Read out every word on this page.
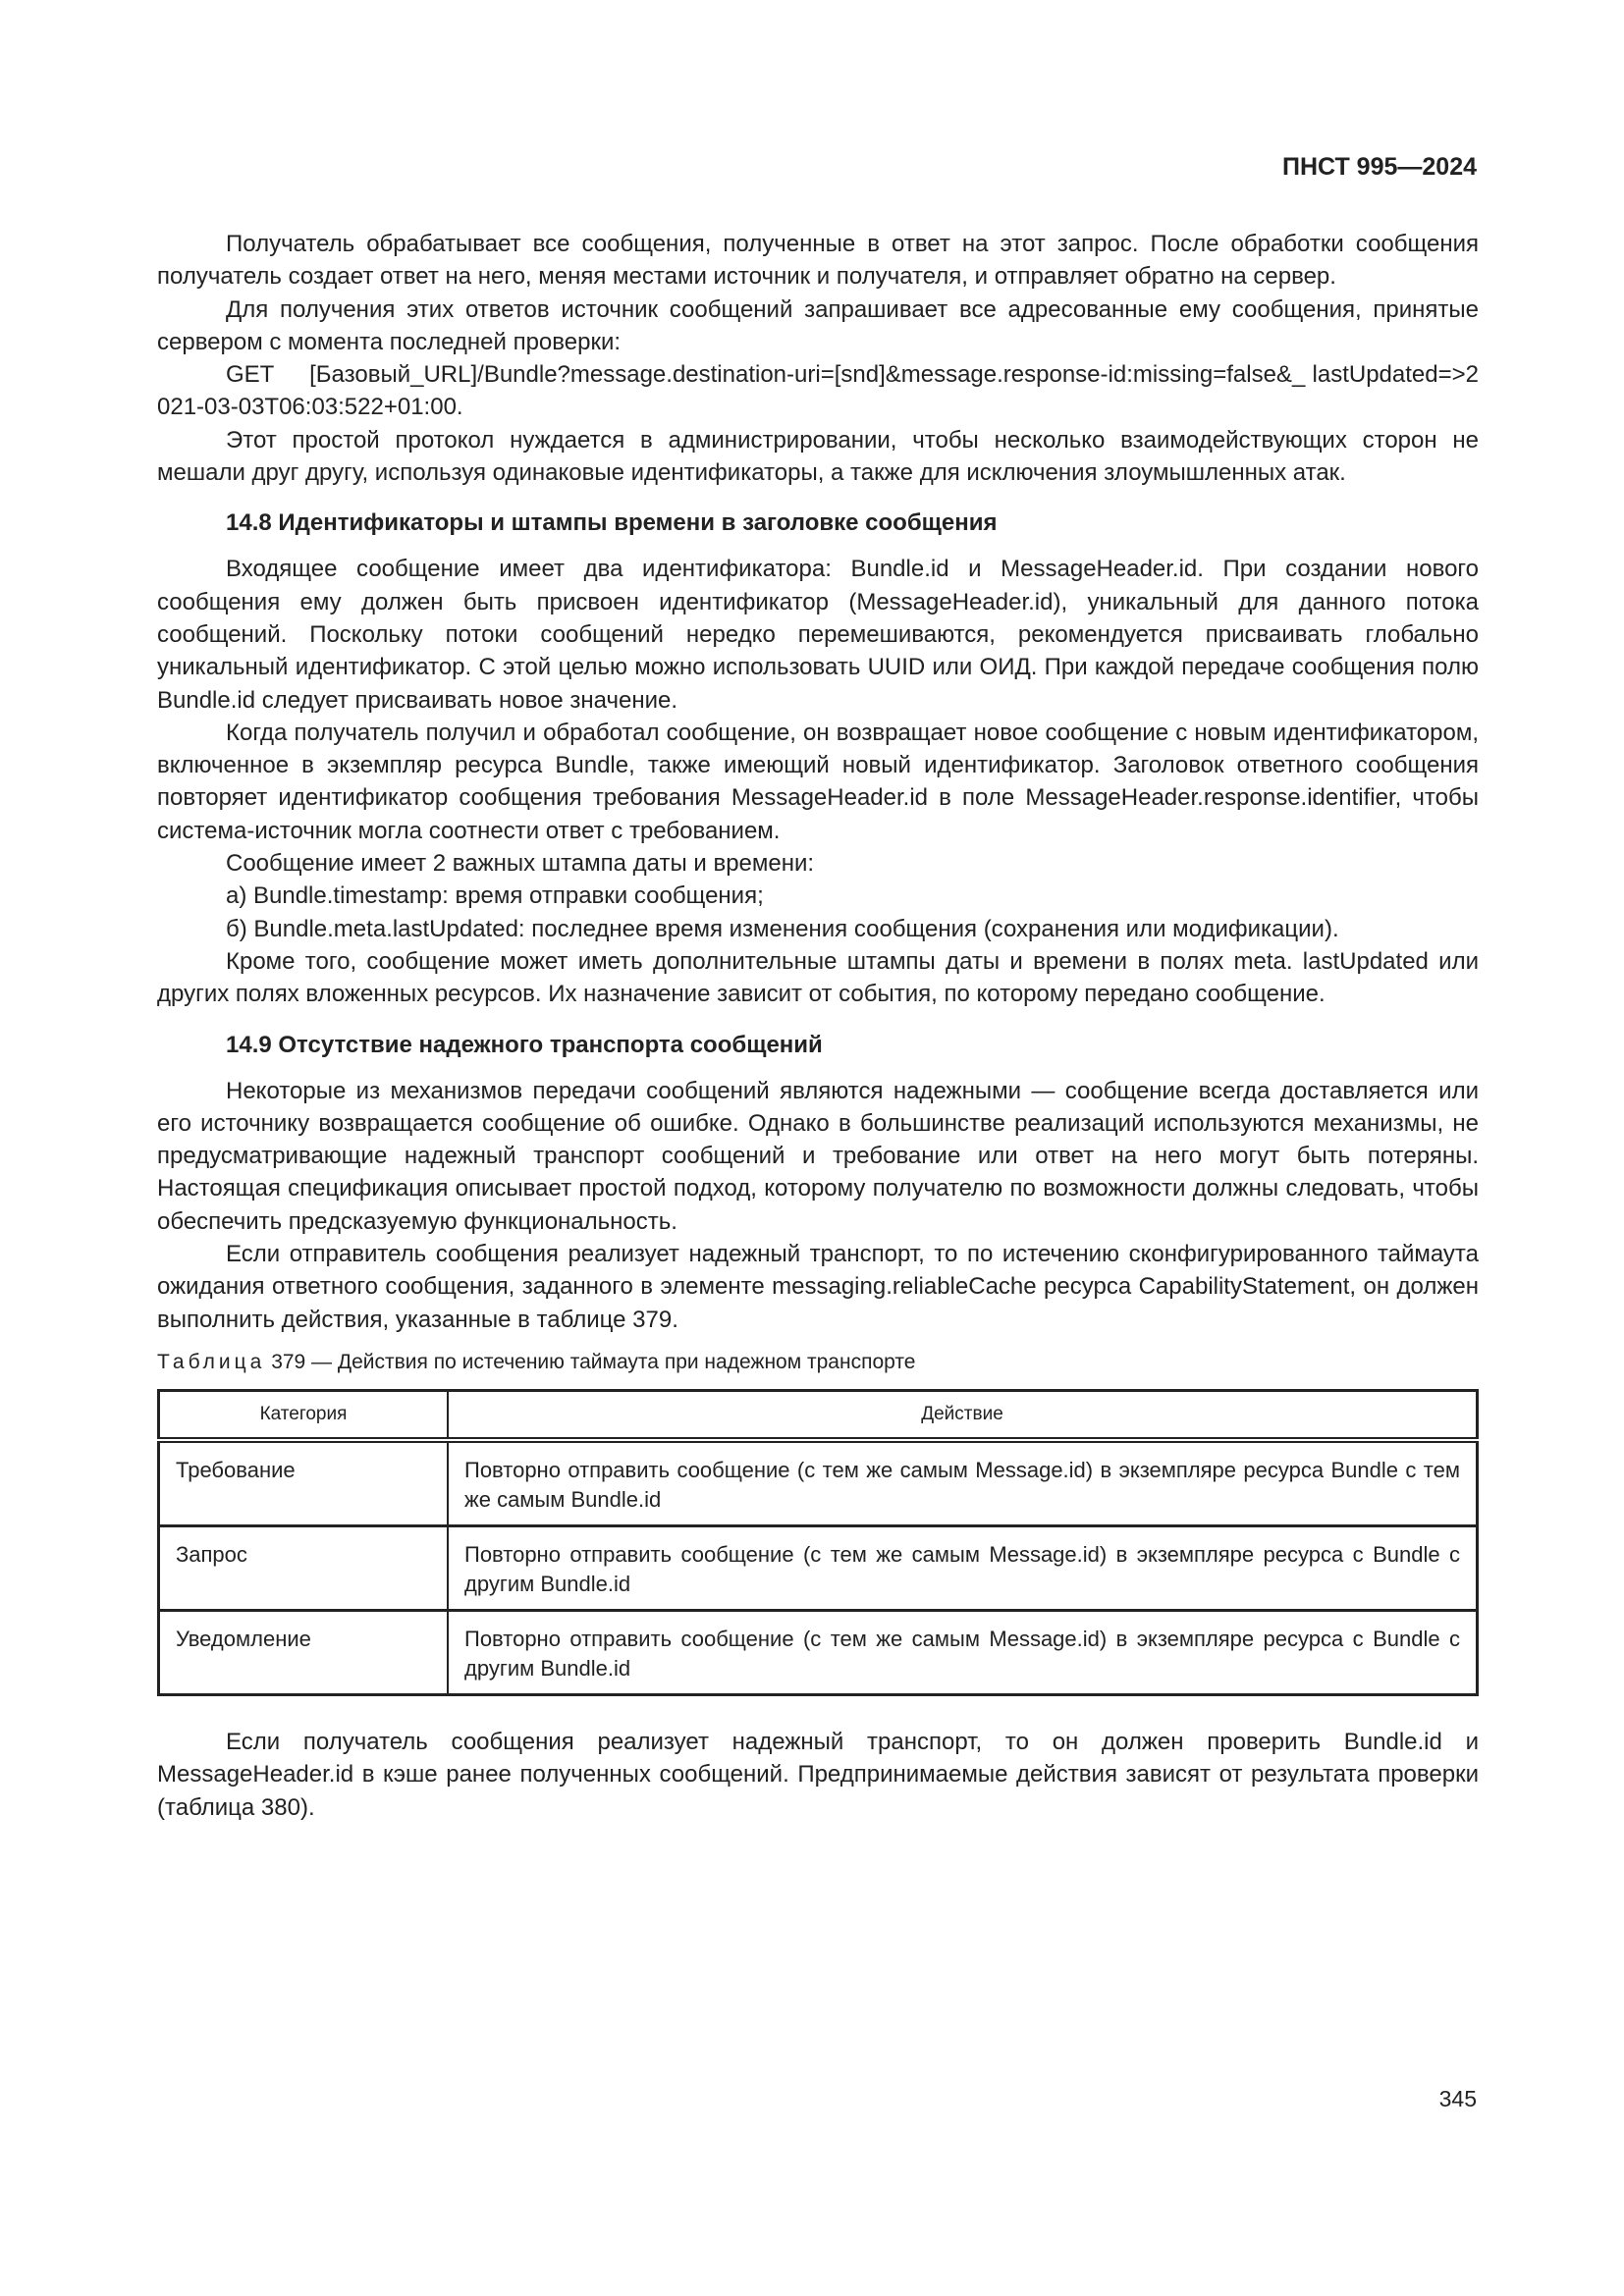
ПНСТ 995—2024

Получатель обрабатывает все сообщения, полученные в ответ на этот запрос. После обработки сообщения получатель создает ответ на него, меняя местами источник и получателя, и отправляет обратно на сервер.

Для получения этих ответов источник сообщений запрашивает все адресованные ему сообщения, принятые сервером с момента последней проверки:

GET     [Базовый_URL]/Bundle?message.destination-uri=[snd]&message.response-id:missing=false&_ lastUpdated=>2021-03-03T06:03:522+01:00.

Этот простой протокол нуждается в администрировании, чтобы несколько взаимодействующих сторон не мешали друг другу, используя одинаковые идентификаторы, а также для исключения злоумышленных атак.

14.8 Идентификаторы и штампы времени в заголовке сообщения

Входящее сообщение имеет два идентификатора: Bundle.id и MessageHeader.id. При создании нового сообщения ему должен быть присвоен идентификатор (MessageHeader.id), уникальный для данного потока сообщений. Поскольку потоки сообщений нередко перемешиваются, рекомендуется присваивать глобально уникальный идентификатор. С этой целью можно использовать UUID или ОИД. При каждой передаче сообщения полю Bundle.id следует присваивать новое значение.

Когда получатель получил и обработал сообщение, он возвращает новое сообщение с новым идентификатором, включенное в экземпляр ресурса Bundle, также имеющий новый идентификатор. Заголовок ответного сообщения повторяет идентификатор сообщения требования MessageHeader.id в поле MessageHeader.response.identifier, чтобы система-источник могла соотнести ответ с требованием.

Сообщение имеет 2 важных штампа даты и времени:

а) Bundle.timestamp: время отправки сообщения;

б) Bundle.meta.lastUpdated: последнее время изменения сообщения (сохранения или модификации).

Кроме того, сообщение может иметь дополнительные штампы даты и времени в полях meta. lastUpdated или других полях вложенных ресурсов. Их назначение зависит от события, по которому передано сообщение.

14.9 Отсутствие надежного транспорта сообщений

Некоторые из механизмов передачи сообщений являются надежными — сообщение всегда доставляется или его источнику возвращается сообщение об ошибке. Однако в большинстве реализаций используются механизмы, не предусматривающие надежный транспорт сообщений и требование или ответ на него могут быть потеряны. Настоящая спецификация описывает простой подход, которому получателю по возможности должны следовать, чтобы обеспечить предсказуемую функциональность.

Если отправитель сообщения реализует надежный транспорт, то по истечению сконфигурированного таймаута ожидания ответного сообщения, заданного в элементе messaging.reliableCache ресурса CapabilityStatement, он должен выполнить действия, указанные в таблице 379.

Таблица 379 — Действия по истечению таймаута при надежном транспорте
Категория	Действие
Требование	Повторно отправить сообщение (с тем же самым Message.id) в экземпляре ресурса Bundle с тем же самым Bundle.id
Запрос	Повторно отправить сообщение (с тем же самым Message.id) в экземпляре ресурса с Bundle с другим Bundle.id
Уведомление	Повторно отправить сообщение (с тем же самым Message.id) в экземпляре ресурса с Bundle с другим Bundle.id

Если получатель сообщения реализует надежный транспорт, то он должен проверить Bundle.id и MessageHeader.id в кэше ранее полученных сообщений. Предпринимаемые действия зависят от результата проверки (таблица 380).

345
